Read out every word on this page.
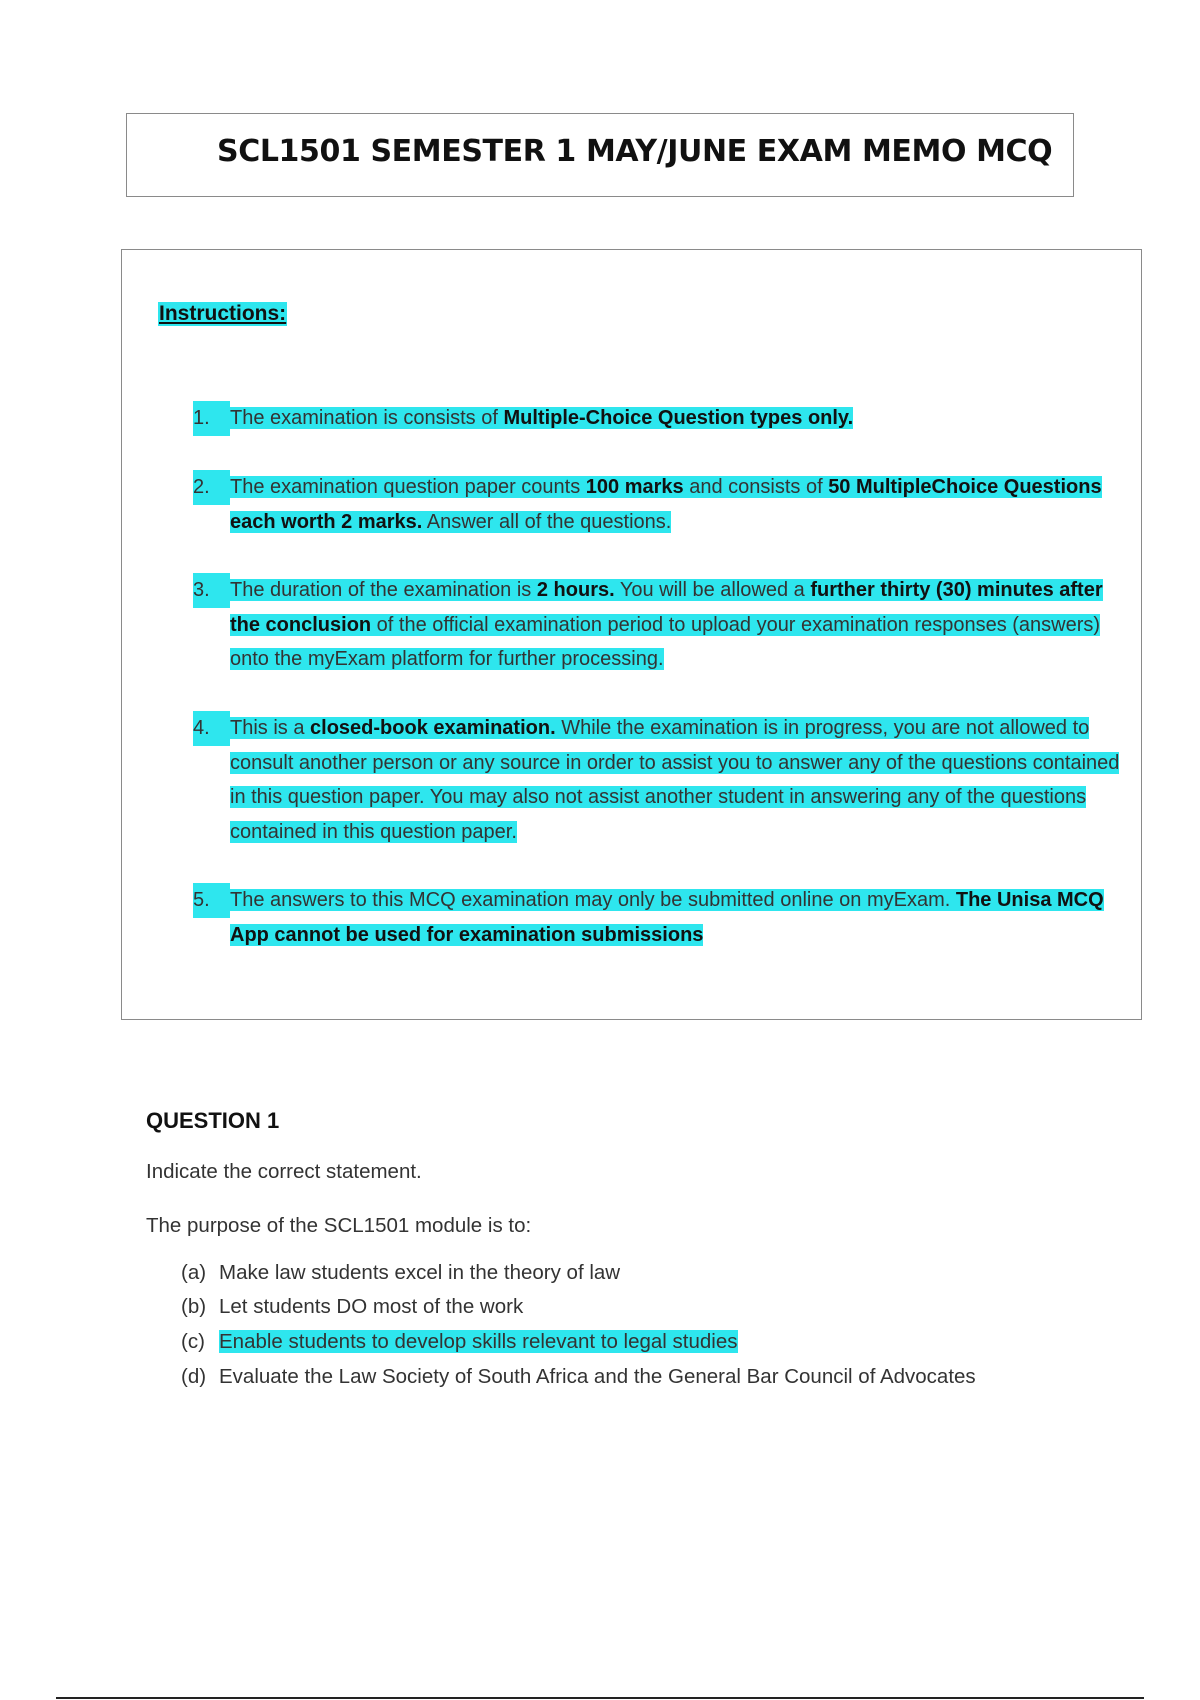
SCL1501 SEMESTER 1 MAY/JUNE EXAM MEMO MCQ
Instructions:
1.	The examination is consists of Multiple-Choice Question types only.
2.	The examination question paper counts 100 marks and consists of 50 MultipleChoice Questions each worth 2 marks. Answer all of the questions.
3.	The duration of the examination is 2 hours. You will be allowed a further thirty (30) minutes after the conclusion of the official examination period to upload your examination responses (answers) onto the myExam platform for further processing.
4.	This is a closed-book examination. While the examination is in progress, you are not allowed to consult another person or any source in order to assist you to answer any of the questions contained in this question paper. You may also not assist another student in answering any of the questions contained in this question paper.
5.	The answers to this MCQ examination may only be submitted online on myExam. The Unisa MCQ App cannot be used for examination submissions
QUESTION 1
Indicate the correct statement.
The purpose of the SCL1501 module is to:
(a) Make law students excel in the theory of law
(b) Let students DO most of the work
(c) Enable students to develop skills relevant to legal studies
(d) Evaluate the Law Society of South Africa and the General Bar Council of Advocates
